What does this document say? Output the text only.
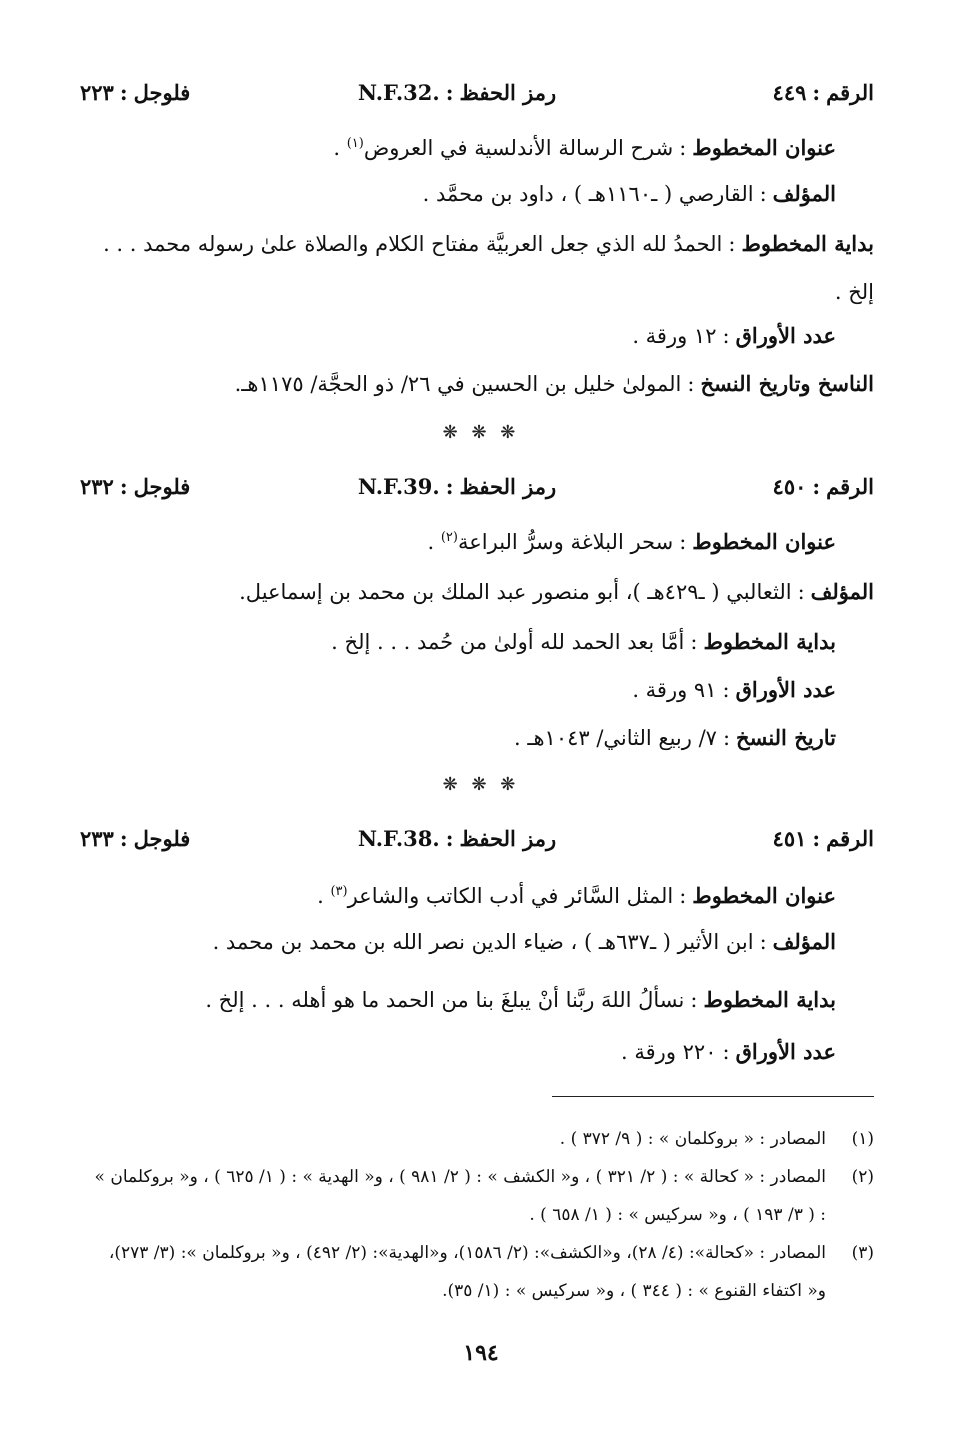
الرقم:٤٤٩
رمز الحفظ:N.F.32.
فلوجل:٢٢٣
عنوان المخطوط:شرح الرسالة الأندلسية في العروض$^{(١)}$ .
المؤلف:القارصي ( ـ١١٦٠هـ ) ، داود بن محمَّد .
بداية المخطوط:الحمدُ لله الذي جعل العربيَّة مفتاح الكلام والصلاة علىٰ رسوله محمد . . . إلخ .
عدد الأوراق:١٢ ورقة .
الناسخ وتاريخ النسخ:المولىٰ خليل بن الحسين في ٢٦/ ذو الحجَّة/ ١١٧٥هـ.
❋ ❋ ❋
الرقم:٤٥٠
رمز الحفظ:N.F.39.
فلوجل:٢٣٢
عنوان المخطوط:سحر البلاغة وسرُّ البراعة$^{(٢)}$ .
المؤلف:الثعالبي ( ـ٤٢٩هـ )، أبو منصور عبد الملك بن محمد بن إسماعيل.
بداية المخطوط:أمَّا بعد الحمد لله أولىٰ من حُمد . . . إلخ .
عدد الأوراق:٩١ ورقة .
تاريخ النسخ:٧/ ربيع الثاني/ ١٠٤٣هـ .
❋ ❋ ❋
الرقم:٤٥١
رمز الحفظ:N.F.38.
فلوجل:٢٣٣
عنوان المخطوط:المثل السَّائر في أدب الكاتب والشاعر$^{(٣)}$ .
المؤلف:ابن الأثير ( ـ٦٣٧هـ ) ، ضياء الدين نصر الله بن محمد بن محمد .
بداية المخطوط:نسألُ اللهَ ربَّنا أنْ يبلغَ بنا من الحمد ما هو أهله . . . إلخ .
عدد الأوراق:٢٢٠ ورقة .
(١)
المصادر : « بروكلمان » : ( ٩/ ٣٧٢ ) .
(٢)
المصادر : « كحالة » : ( ٢/ ٣٢١ ) ، و« الكشف » : ( ٢/ ٩٨١ ) ، و« الهدية » : ( ١/ ٦٢٥ ) ، و« بروكلمان » : ( ٣/ ١٩٣ ) ، و« سركيس » : ( ١/ ٦٥٨ ) .
(٣)
المصادر : «كحالة»: (٤/ ٢٨)، و«الكشف»: (٢/ ١٥٨٦)، و«الهدية»: (٢/ ٤٩٢) ، و« بروكلمان »: (٣/ ٢٧٣)، و« اكتفاء القنوع » : ( ٣٤٤ ) ، و« سركيس » : (١/ ٣٥).
١٩٤
